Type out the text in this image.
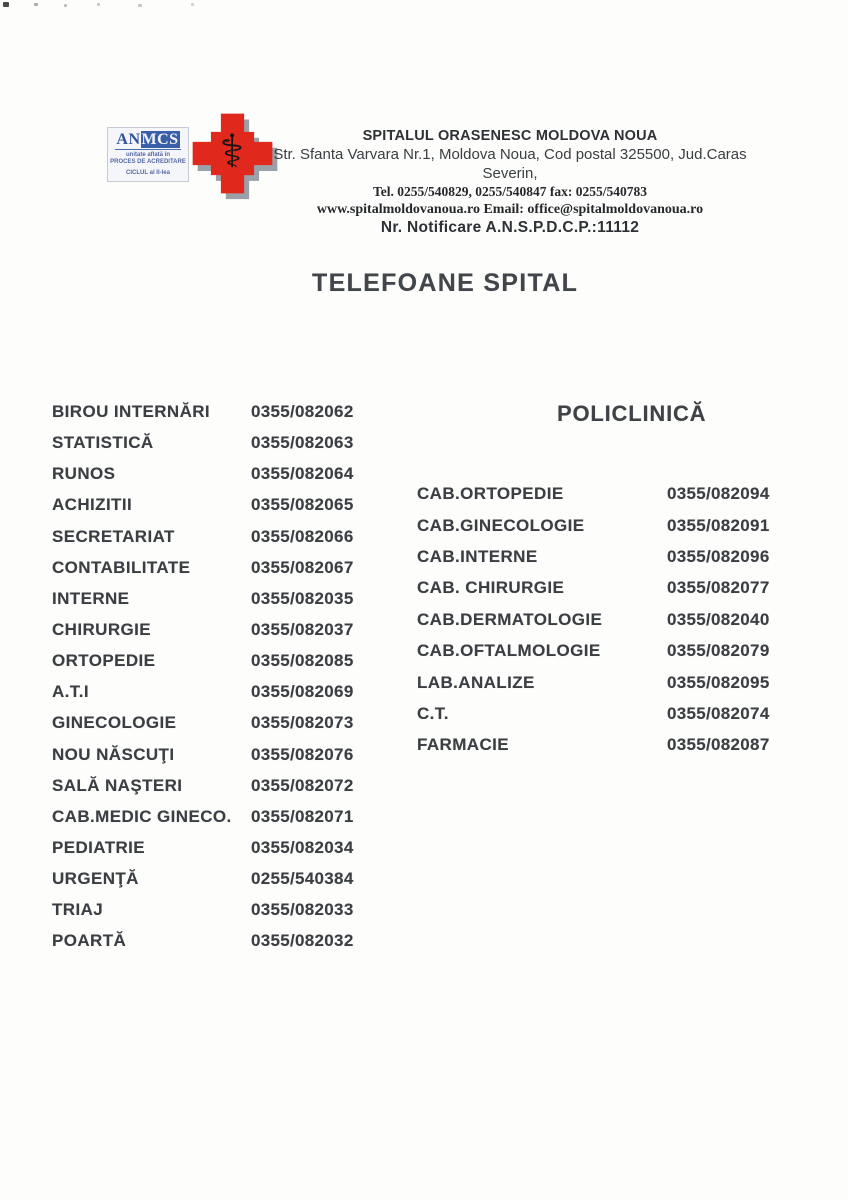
ANMCS
unitate aflată în
PROCES DE ACREDITARE
CICLUL al II-lea	⚕	SPITALUL ORASENESC MOLDOVA NOUA
Str. Sfanta Varvara Nr.1, Moldova Noua, Cod postal 325500, Jud.Caras Severin,
Tel. 0255/540829, 0255/540847 fax: 0255/540783
www.spitalmoldovanoua.ro Email: office@spitalmoldovanoua.ro
Nr. Notificare A.N.S.P.D.C.P.:11112
TELEFOANE SPITAL
BIROU INTERNĂRI	0355/082062
STATISTICĂ	0355/082063
RUNOS	0355/082064
ACHIZITII	0355/082065
SECRETARIAT	0355/082066
CONTABILITATE	0355/082067
INTERNE	0355/082035
CHIRURGIE	0355/082037
ORTOPEDIE	0355/082085
A.T.I	0355/082069
GINECOLOGIE	0355/082073
NOU NĂSCUŢI	0355/082076
SALĂ NAŞTERI	0355/082072
CAB.MEDIC GINECO.	0355/082071
PEDIATRIE	0355/082034
URGENŢĂ	0255/540384
TRIAJ	0355/082033
POARTĂ	0355/082032
POLICLINICĂ
CAB.ORTOPEDIE	0355/082094
CAB.GINECOLOGIE	0355/082091
CAB.INTERNE	0355/082096
CAB. CHIRURGIE	0355/082077
CAB.DERMATOLOGIE	0355/082040
CAB.OFTALMOLOGIE	0355/082079
LAB.ANALIZE	0355/082095
C.T.	0355/082074
FARMACIE	0355/082087
